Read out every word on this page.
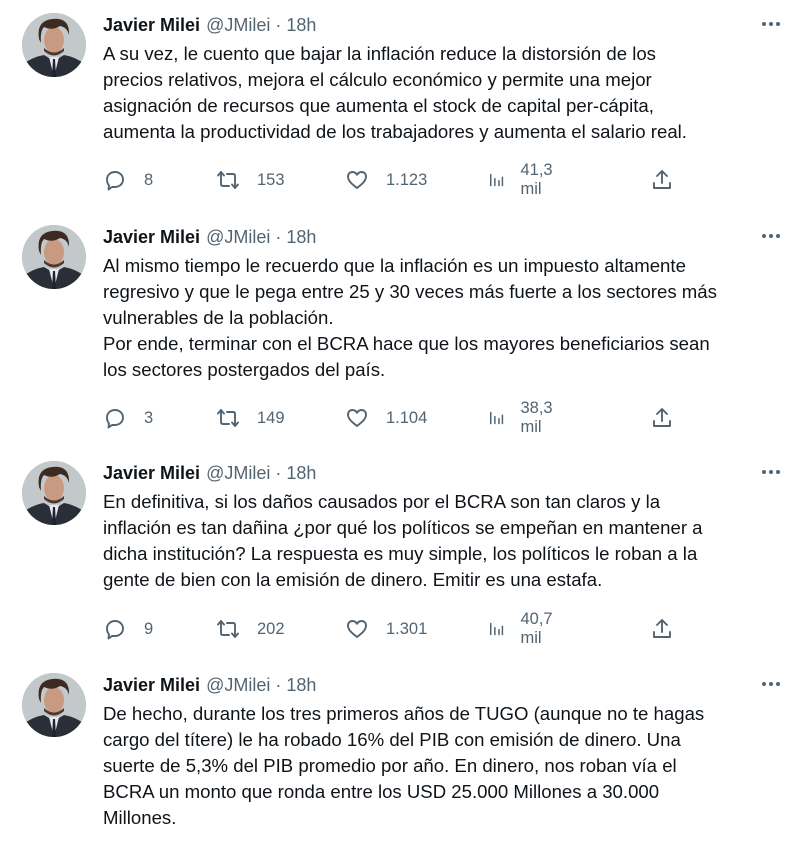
Javier Milei @JMilei · 18h
A su vez, le cuento que bajar la inflación reduce la distorsión de los
precios relativos, mejora el cálculo económico y permite una mejor
asignación de recursos que aumenta el stock de capital per-cápita,
aumenta la productividad de los trabajadores y aumenta el salario real.
8	153	1.123
41,3 mil
Javier Milei @JMilei · 18h
Al mismo tiempo le recuerdo que la inflación es un impuesto altamente
regresivo y que le pega entre 25 y 30 veces más fuerte a los sectores más
vulnerables de la población.
Por ende, terminar con el BCRA hace que los mayores beneficiarios sean
los sectores postergados del país.
3	149	1.104
38,3 mil
Javier Milei @JMilei · 18h
En definitiva, si los daños causados por el BCRA son tan claros y la
inflación es tan dañina ¿por qué los políticos se empeñan en mantener a
dicha institución? La respuesta es muy simple, los políticos le roban a la
gente de bien con la emisión de dinero. Emitir es una estafa.
9	202	1.301
40,7 mil
Javier Milei @JMilei · 18h
De hecho, durante los tres primeros años de TUGO (aunque no te hagas
cargo del títere) le ha robado 16% del PIB con emisión de dinero. Una
suerte de 5,3% del PIB promedio por año. En dinero, nos roban vía el
BCRA un monto que ronda entre los USD 25.000 Millones a 30.000
Millones.
